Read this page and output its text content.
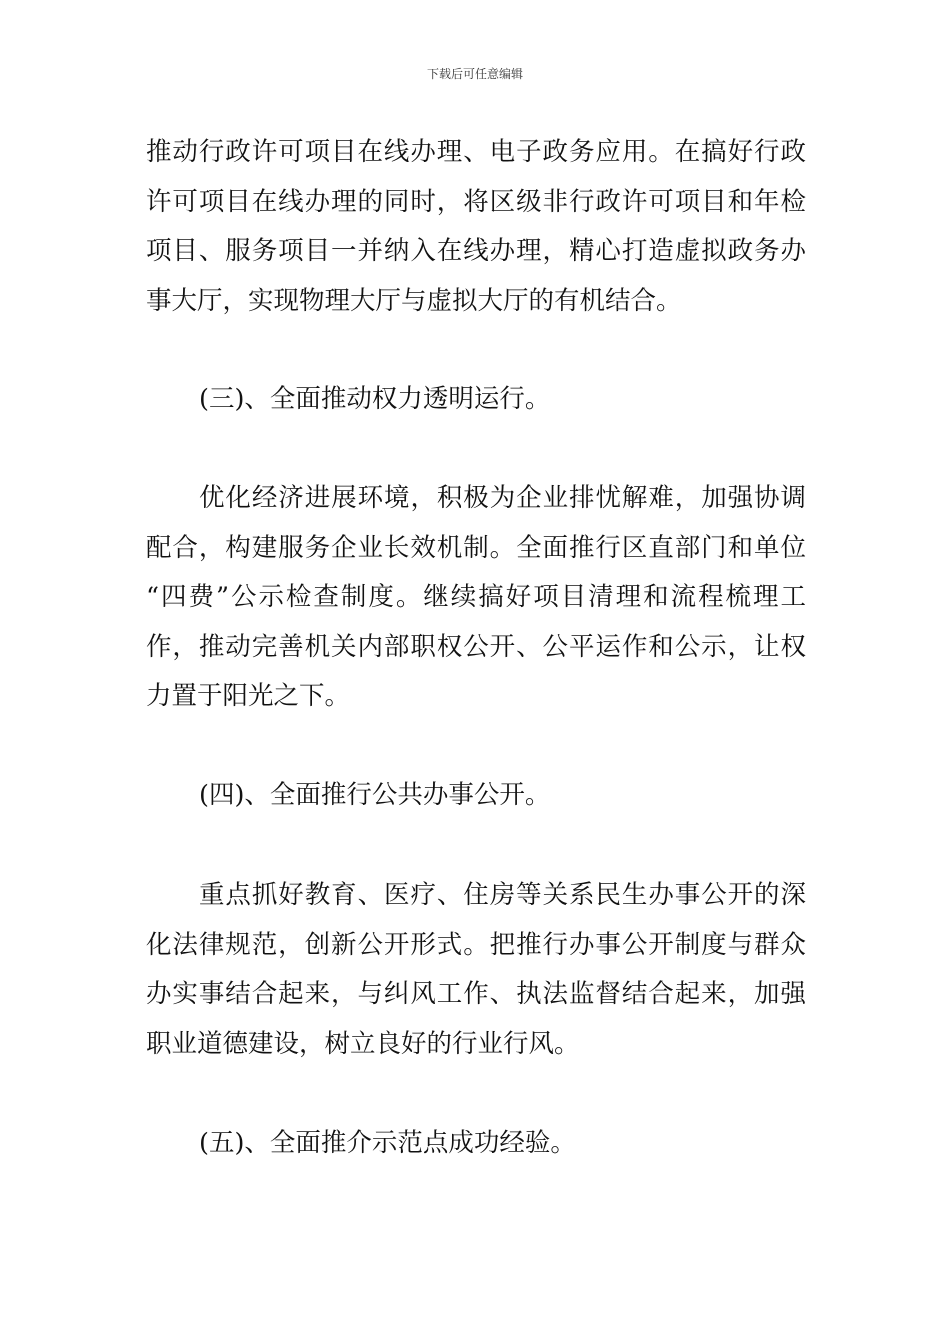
下载后可任意编辑
推动行政许可项目在线办理、电子政务应用。在搞好行政
许可项目在线办理的同时，将区级非行政许可项目和年检
项目、服务项目一并纳入在线办理，精心打造虚拟政务办
事大厅，实现物理大厅与虚拟大厅的有机结合。
(三)、全面推动权力透明运行。
优化经济进展环境，积极为企业排忧解难，加强协调
配合，构建服务企业长效机制。全面推行区直部门和单位
“四费”公示检查制度。继续搞好项目清理和流程梳理工
作，推动完善机关内部职权公开、公平运作和公示，让权
力置于阳光之下。
(四)、全面推行公共办事公开。
重点抓好教育、医疗、住房等关系民生办事公开的深
化法律规范，创新公开形式。把推行办事公开制度与群众
办实事结合起来，与纠风工作、执法监督结合起来，加强
职业道德建设，树立良好的行业行风。
(五)、全面推介示范点成功经验。
